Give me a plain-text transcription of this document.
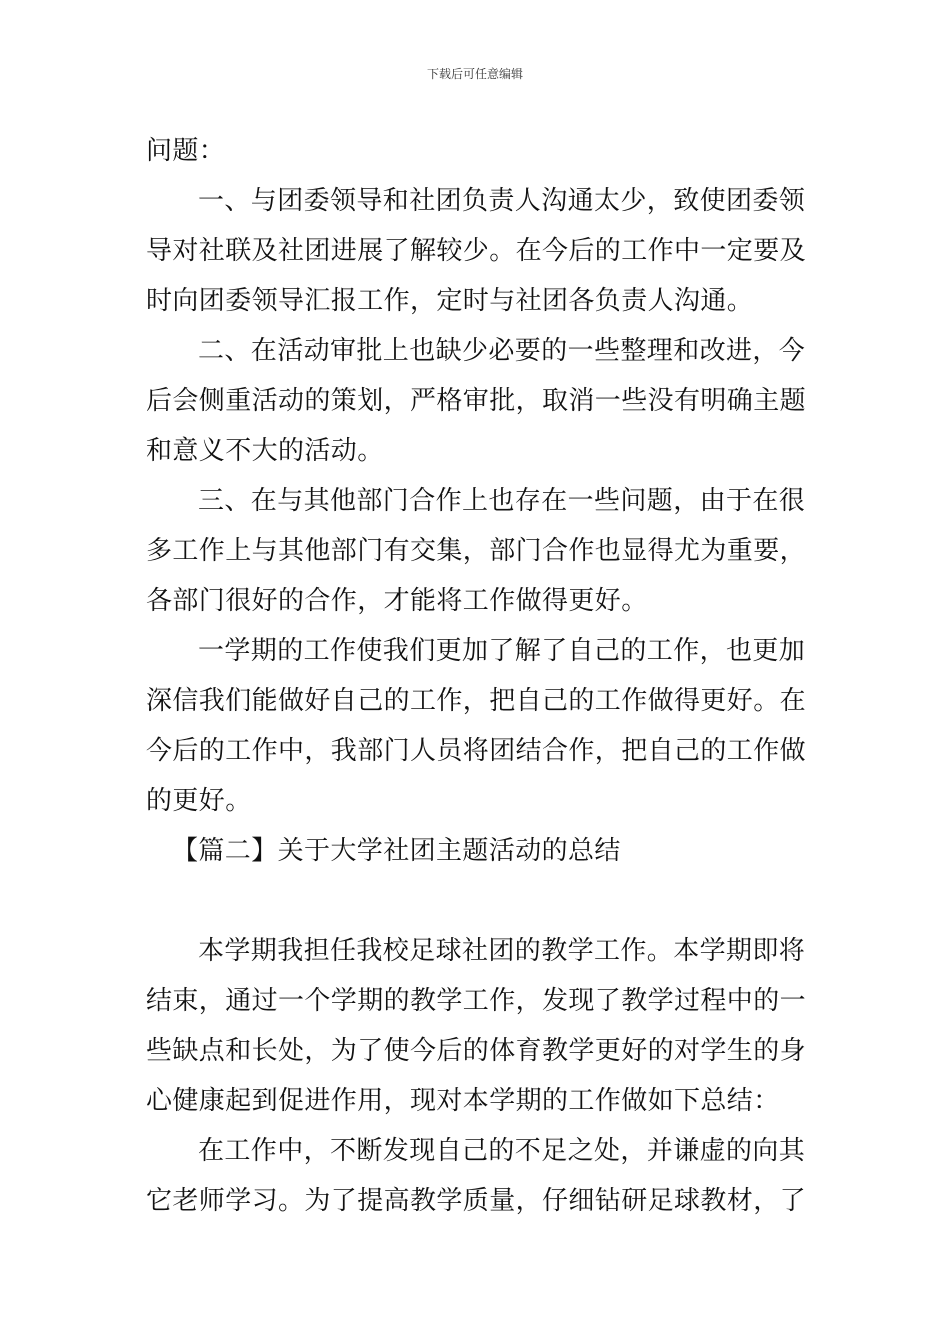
下载后可任意编辑
问题：
一、与团委领导和社团负责人沟通太少，致使团委领
导对社联及社团进展了解较少。在今后的工作中一定要及
时向团委领导汇报工作，定时与社团各负责人沟通。
二、在活动审批上也缺少必要的一些整理和改进，今
后会侧重活动的策划，严格审批，取消一些没有明确主题
和意义不大的活动。
三、在与其他部门合作上也存在一些问题，由于在很
多工作上与其他部门有交集，部门合作也显得尤为重要，
各部门很好的合作，才能将工作做得更好。
一学期的工作使我们更加了解了自己的工作，也更加
深信我们能做好自己的工作，把自己的工作做得更好。在
今后的工作中，我部门人员将团结合作，把自己的工作做
的更好。
【篇二】关于大学社团主题活动的总结
本学期我担任我校足球社团的教学工作。本学期即将
结束，通过一个学期的教学工作，发现了教学过程中的一
些缺点和长处，为了使今后的体育教学更好的对学生的身
心健康起到促进作用，现对本学期的工作做如下总结：
在工作中，不断发现自己的不足之处，并谦虚的向其
它老师学习。为了提高教学质量，仔细钻研足球教材，了
